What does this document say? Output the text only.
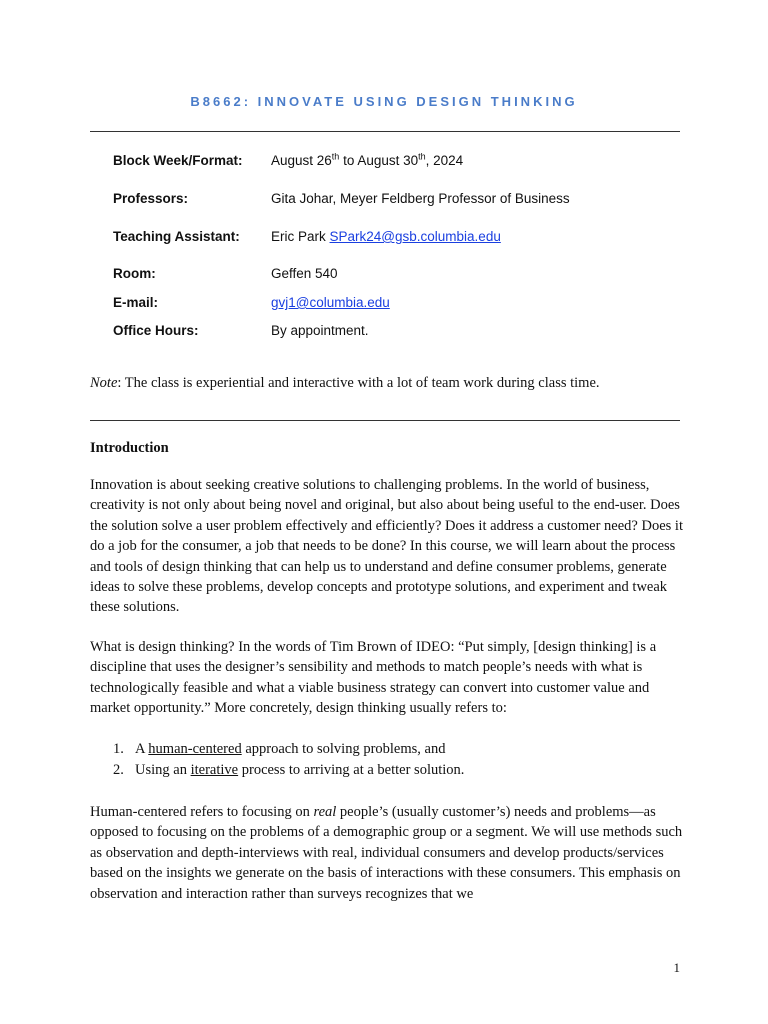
B8662: INNOVATE USING DESIGN THINKING
Block Week/Format: August 26th to August 30th, 2024
Professors:	Gita Johar, Meyer Feldberg Professor of Business
Teaching Assistant: Eric Park SPark24@gsb.columbia.edu
Room:	Geffen 540
E-mail:	gvj1@columbia.edu
Office Hours:	By appointment.
Note: The class is experiential and interactive with a lot of team work during class time.
Introduction

Innovation is about seeking creative solutions to challenging problems. In the world of business, creativity is not only about being novel and original, but also about being useful to the end-user. Does the solution solve a user problem effectively and efficiently? Does it address a customer need? Does it do a job for the consumer, a job that needs to be done? In this course, we will learn about the process and tools of design thinking that can help us to understand and define consumer problems, generate ideas to solve these problems, develop concepts and prototype solutions, and experiment and tweak these solutions.

What is design thinking? In the words of Tim Brown of IDEO: “Put simply, [design thinking] is a discipline that uses the designer’s sensibility and methods to match people’s needs with what is technologically feasible and what a viable business strategy can convert into customer value and market opportunity.” More concretely, design thinking usually refers to:

1. A human-centered approach to solving problems, and
2. Using an iterative process to arriving at a better solution.

Human-centered refers to focusing on real people’s (usually customer’s) needs and problems—as opposed to focusing on the problems of a demographic group or a segment. We will use methods such as observation and depth-interviews with real, individual consumers and develop products/services based on the insights we generate on the basis of interactions with these consumers. This emphasis on observation and interaction rather than surveys recognizes that we

1
